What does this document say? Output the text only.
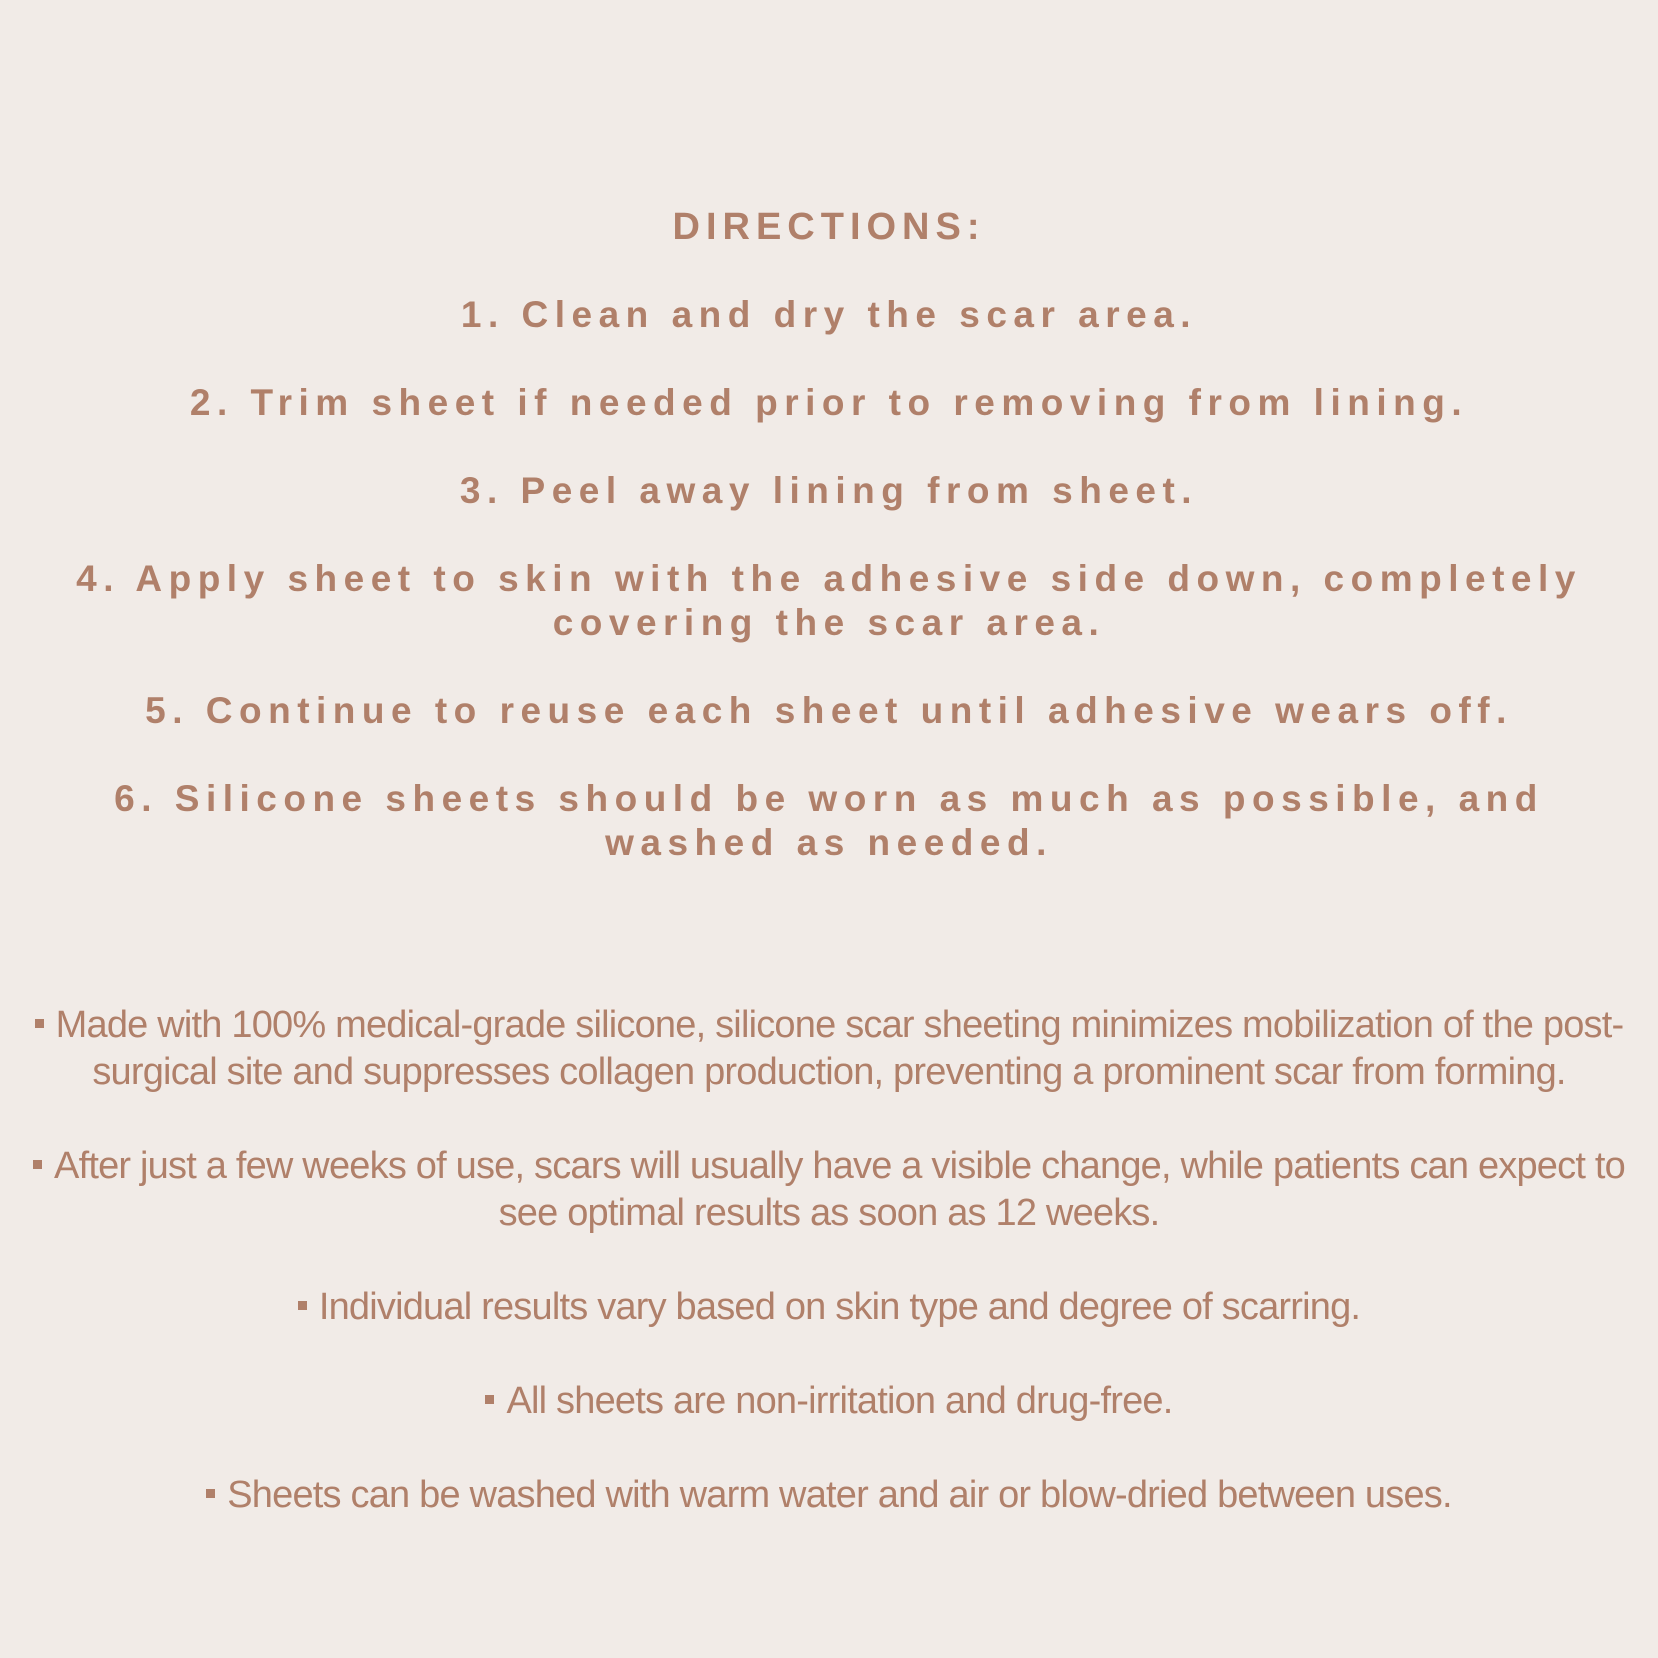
DIRECTIONS:

1. Clean and dry the scar area.

2. Trim sheet if needed prior to removing from lining.

3. Peel away lining from sheet.

4. Apply sheet to skin with the adhesive side down, completely covering the scar area.

5. Continue to reuse each sheet until adhesive wears off.

6. Silicone sheets should be worn as much as possible, and washed as needed.

Made with 100% medical-grade silicone, silicone scar sheeting minimizes mobilization of the post-surgical site and suppresses collagen production, preventing a prominent scar from forming.

After just a few weeks of use, scars will usually have a visible change, while patients can expect to see optimal results as soon as 12 weeks.

Individual results vary based on skin type and degree of scarring.

All sheets are non-irritation and drug-free.

Sheets can be washed with warm water and air or blow-dried between uses.
